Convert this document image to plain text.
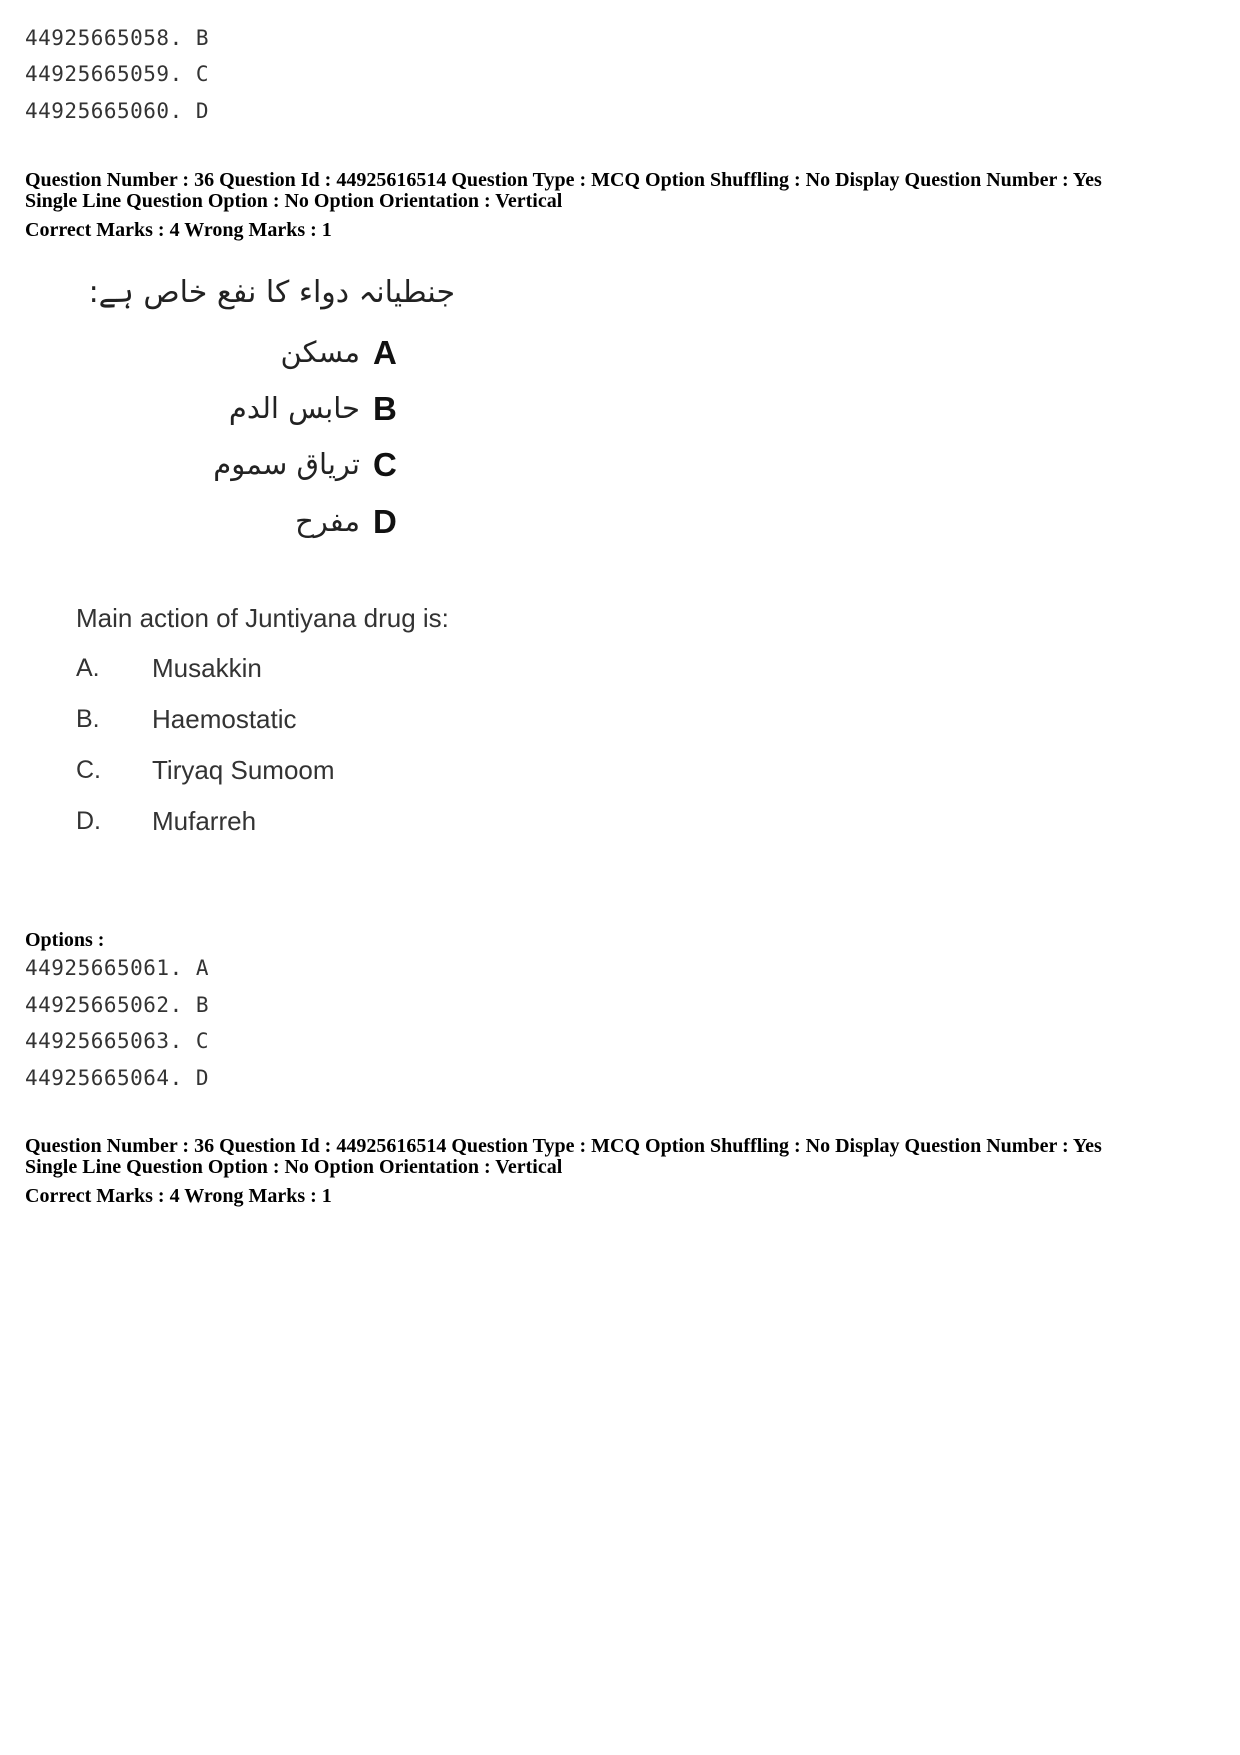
44925665058. B
44925665059. C
44925665060. D
Question Number : 36 Question Id : 44925616514 Question Type : MCQ Option Shuffling : No Display Question Number : Yes
Single Line Question Option : No Option Orientation : Vertical
Correct Marks : 4 Wrong Marks : 1
جنطیانہ دواء کا نفع خاص ہے:
A
مسکن
B
حابس الدم
C
تریاق سموم
D
مفرح
Main action of Juntiyana drug is:
A. Musakkin
B. Haemostatic
C. Tiryaq Sumoom
D. Mufarreh
Options :
44925665061. A
44925665062. B
44925665063. C
44925665064. D
Question Number : 36 Question Id : 44925616514 Question Type : MCQ Option Shuffling : No Display Question Number : Yes
Single Line Question Option : No Option Orientation : Vertical
Correct Marks : 4 Wrong Marks : 1
